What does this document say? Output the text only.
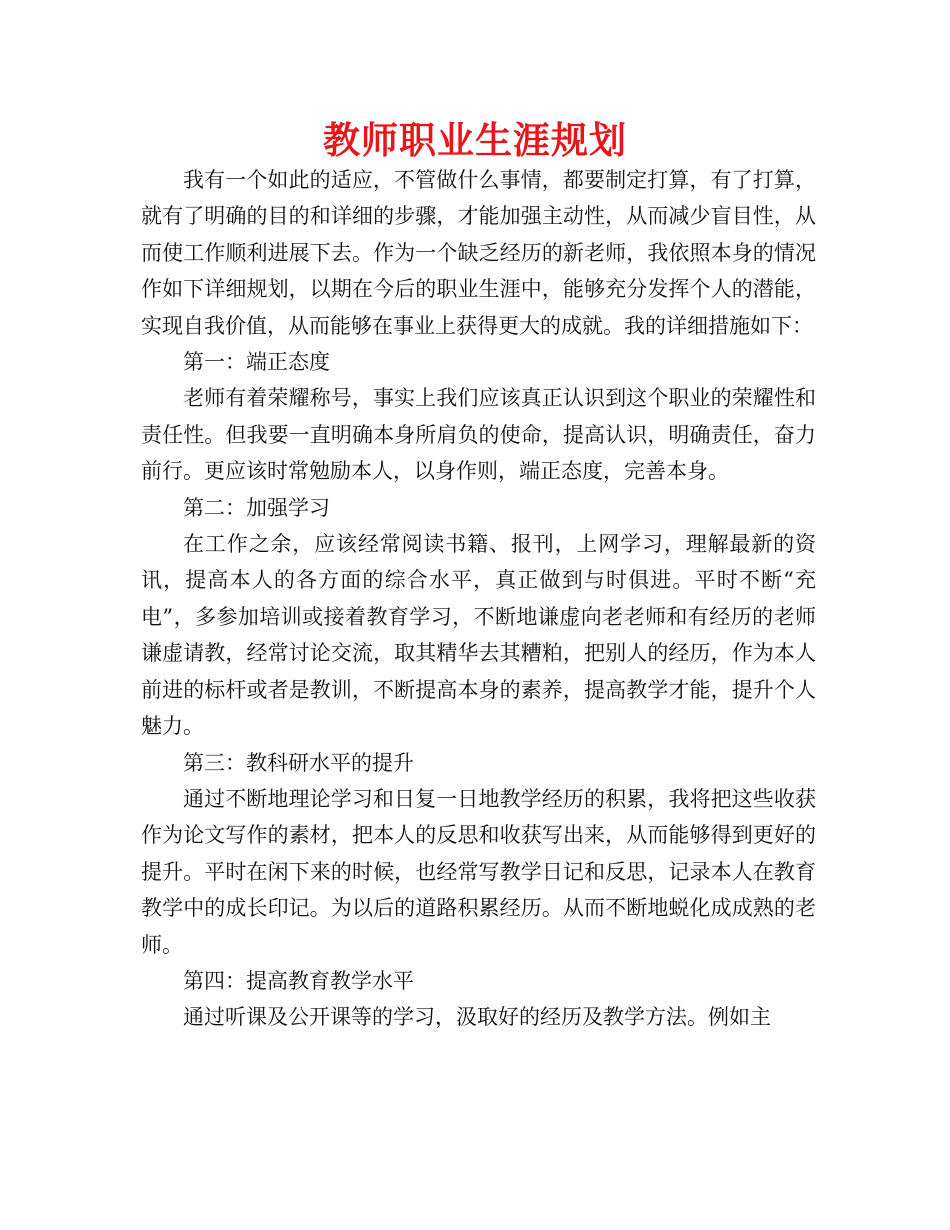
教师职业生涯规划

我有一个如此的适应，不管做什么事情，都要制定打算，有了打算，就有了明确的目的和详细的步骤，才能加强主动性，从而减少盲目性，从而使工作顺利进展下去。作为一个缺乏经历的新老师，我依照本身的情况作如下详细规划，以期在今后的职业生涯中，能够充分发挥个人的潜能，实现自我价值，从而能够在事业上获得更大的成就。我的详细措施如下：

第一：端正态度

老师有着荣耀称号，事实上我们应该真正认识到这个职业的荣耀性和责任性。但我要一直明确本身所肩负的使命，提高认识，明确责任，奋力前行。更应该时常勉励本人，以身作则，端正态度，完善本身。

第二：加强学习

在工作之余，应该经常阅读书籍、报刊，上网学习，理解最新的资讯，提高本人的各方面的综合水平，真正做到与时俱进。平时不断“充电”，多参加培训或接着教育学习，不断地谦虚向老老师和有经历的老师谦虚请教，经常讨论交流，取其精华去其糟粕，把别人的经历，作为本人前进的标杆或者是教训，不断提高本身的素养，提高教学才能，提升个人魅力。

第三：教科研水平的提升

通过不断地理论学习和日复一日地教学经历的积累，我将把这些收获作为论文写作的素材，把本人的反思和收获写出来，从而能够得到更好的提升。平时在闲下来的时候，也经常写教学日记和反思，记录本人在教育教学中的成长印记。为以后的道路积累经历。从而不断地蜕化成成熟的老师。

第四：提高教育教学水平

通过听课及公开课等的学习，汲取好的经历及教学方法。例如主
